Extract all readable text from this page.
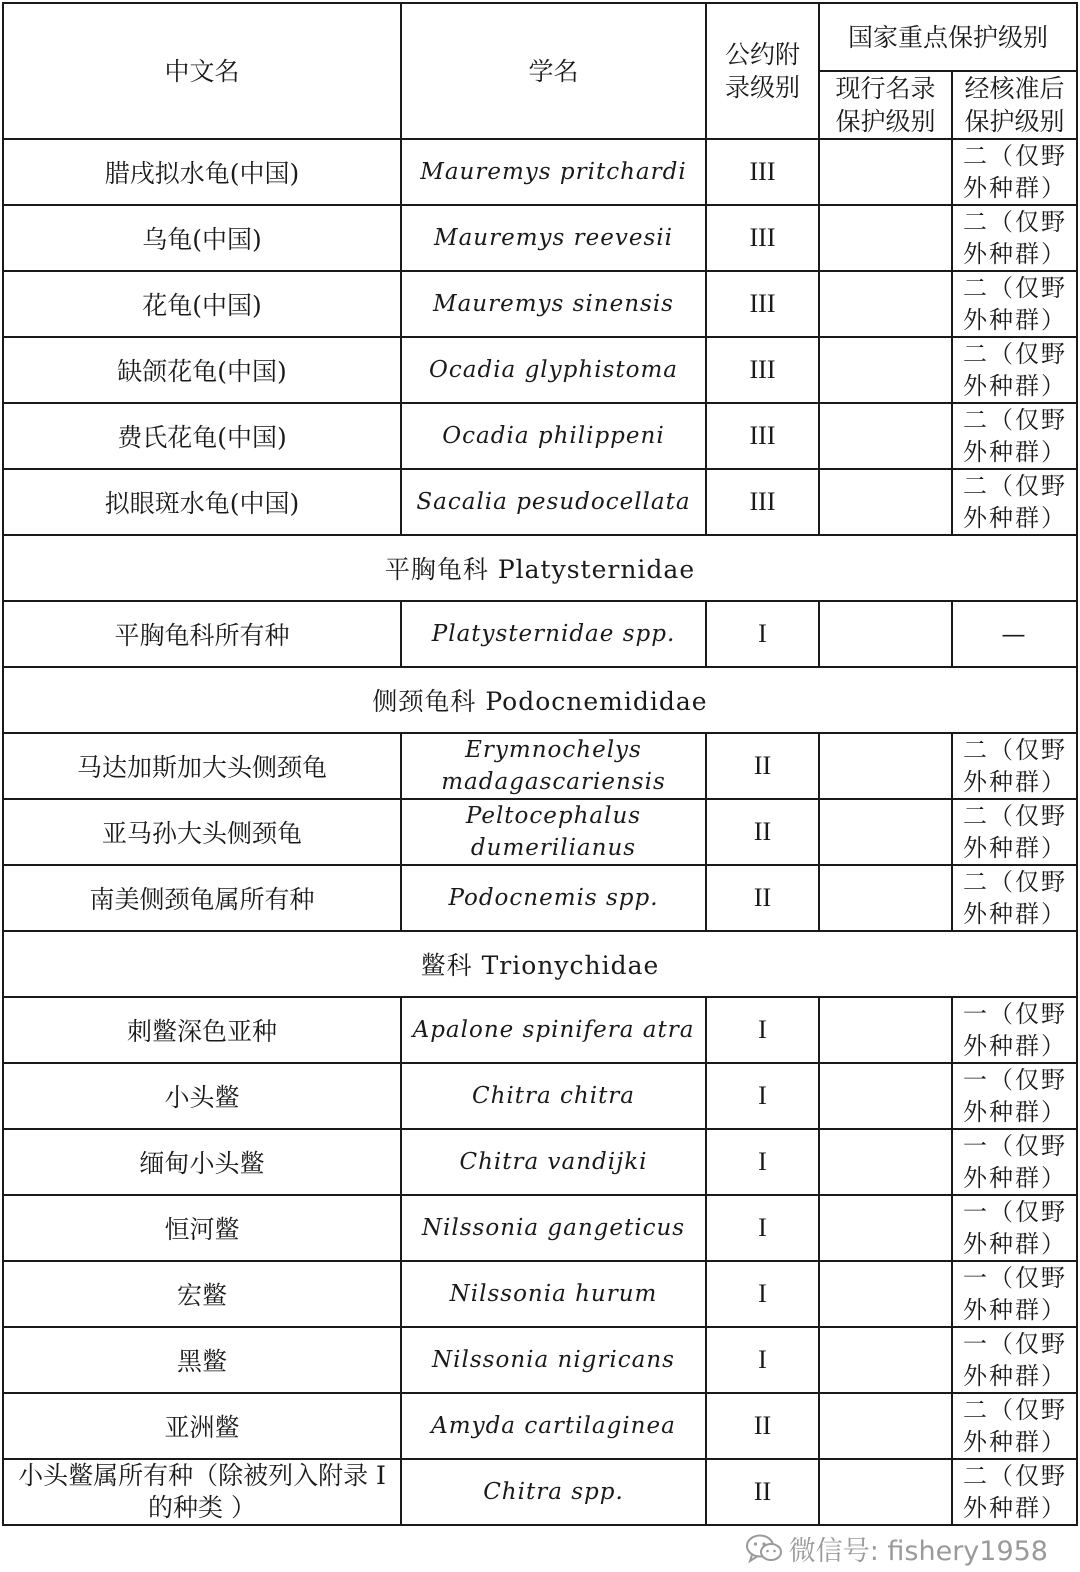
中文名	学名	公约附录级别	国家重点保护级别	

			现行名录保护级别	经核准后保护级别

腊戌拟水龟(中国)	Mauremys pritchardi	III		二（仅野外种群）
乌龟(中国)	Mauremys reevesii	III		二（仅野外种群）
花龟(中国)	Mauremys sinensis	III		二（仅野外种群）
缺颌花龟(中国)	Ocadia glyphistoma	III		二（仅野外种群）
费氏花龟(中国)	Ocadia philippeni	III		二（仅野外种群）
拟眼斑水龟(中国)	Sacalia pesudocellata	III		二（仅野外种群）
平胸龟科 Platysternidae				
平胸龟科所有种	Platysternidae spp.	I		—
侧颈龟科 Podocnemididae				
马达加斯加大头侧颈龟	Erymnochelys madagascariensis	II		二（仅野外种群）
亚马孙大头侧颈龟	Peltocephalus dumerilianus	II		二（仅野外种群）
南美侧颈龟属所有种	Podocnemis spp.	II		二（仅野外种群）
鳖科 Trionychidae				
刺鳖深色亚种	Apalone spinifera atra	I		一（仅野外种群）
小头鳖	Chitra chitra	I		一（仅野外种群）
缅甸小头鳖	Chitra vandijki	I		一（仅野外种群）
恒河鳖	Nilssonia gangeticus	I		一（仅野外种群）
宏鳖	Nilssonia hurum	I		一（仅野外种群）
黑鳖	Nilssonia nigricans	I		一（仅野外种群）
亚洲鳖	Amyda cartilaginea	II		二（仅野外种群）
小头鳖属所有种（除被列入附录 I 的种类 ）	Chitra spp.	II		二（仅野外种群）
微信号: fishery1958
